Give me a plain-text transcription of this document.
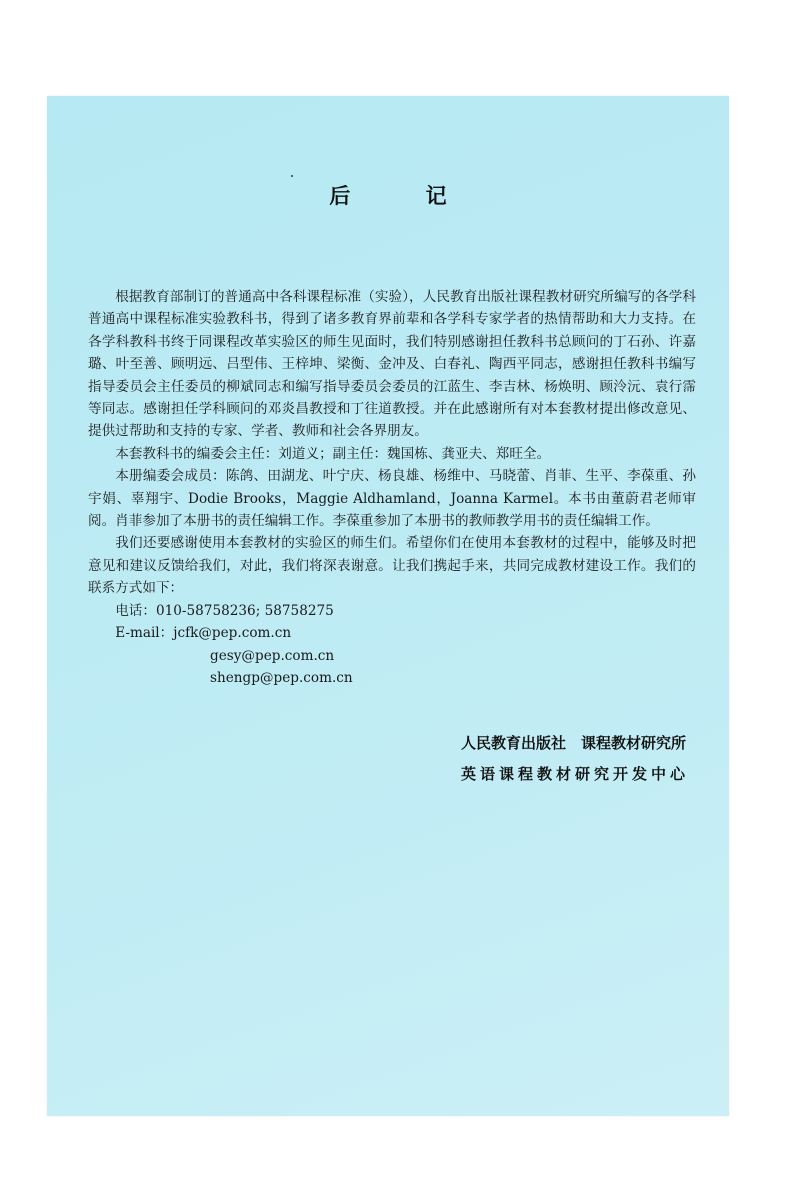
后 记

根据教育部制订的普通高中各科课程标准（实验），人民教育出版社课程教材研究所编写的各学科普通高中课程标准实验教科书，得到了诸多教育界前辈和各学科专家学者的热情帮助和大力支持。在各学科教科书终于同课程改革实验区的师生见面时，我们特别感谢担任教科书总顾问的丁石孙、许嘉璐、叶至善、顾明远、吕型伟、王梓坤、梁衡、金冲及、白春礼、陶西平同志，感谢担任教科书编写指导委员会主任委员的柳斌同志和编写指导委员会委员的江蓝生、李吉林、杨焕明、顾泠沅、袁行霈等同志。感谢担任学科顾问的邓炎昌教授和丁往道教授。并在此感谢所有对本套教材提出修改意见、提供过帮助和支持的专家、学者、教师和社会各界朋友。

本套教科书的编委会主任：刘道义；副主任：魏国栋、龚亚夫、郑旺全。

本册编委会成员：陈鸽、田湖龙、叶宁庆、杨良雄、杨维中、马晓蕾、肖菲、生平、李葆重、孙宇娟、辜翔宇、Dodie Brooks，Maggie Aldhamland，Joanna Karmel。本书由董蔚君老师审阅。肖菲参加了本册书的责任编辑工作。李葆重参加了本册书的教师教学用书的责任编辑工作。

我们还要感谢使用本套教材的实验区的师生们。希望你们在使用本套教材的过程中，能够及时把意见和建议反馈给我们，对此，我们将深表谢意。让我们携起手来，共同完成教材建设工作。我们的联系方式如下：

电话：010-58758236; 58758275

E-mail：jcfk@pep.com.cn

gesy@pep.com.cn

shengp@pep.com.cn

人民教育出版社　课程教材研究所

英语课程教材研究开发中心
